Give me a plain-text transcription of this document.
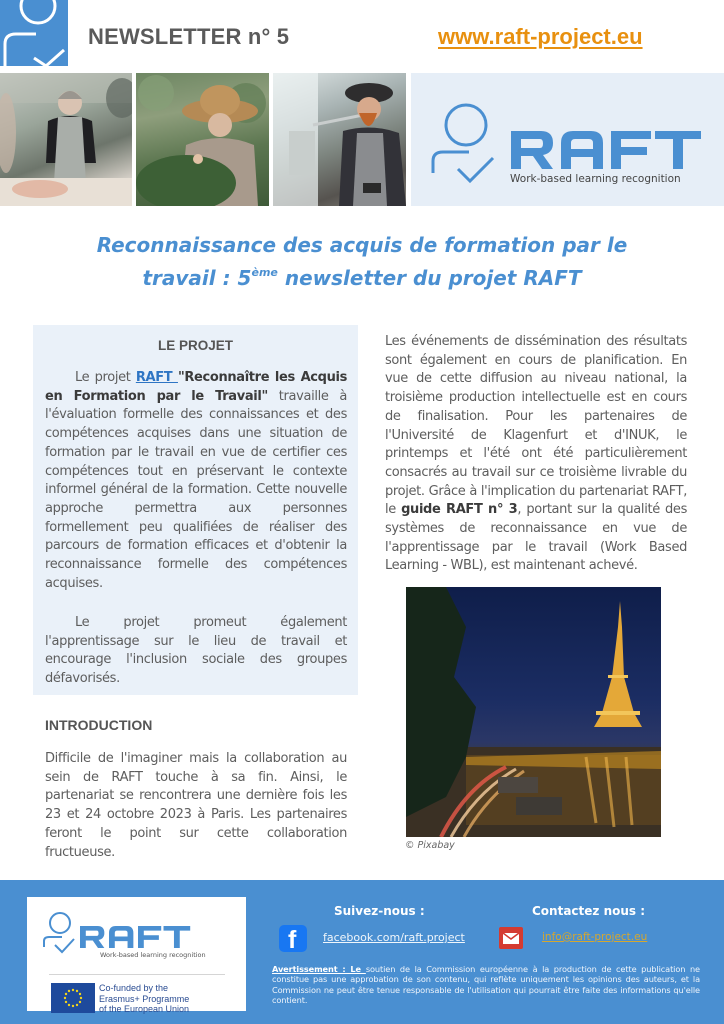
NEWSLETTER n° 5	www.raft-project.eu
Work-based learning recognition
Reconnaissance des acquis de formation par le
travail : 5ème newsletter du projet RAFT
LE PROJET
Le projet RAFT "Reconnaître les Acquis en Formation par le Travail" travaille à l'évaluation formelle des connaissances et des compétences acquises dans une situation de formation par le travail en vue de certifier ces compétences tout en préservant le contexte informel général de la formation. Cette nouvelle approche permettra aux personnes formellement peu qualifiées de réaliser des parcours de formation efficaces et d'obtenir la reconnaissance formelle des compétences acquises.
Le projet promeut également l'apprentissage sur le lieu de travail et encourage l'inclusion sociale des groupes défavorisés.
INTRODUCTION
Difficile de l'imaginer mais la collaboration au sein de RAFT touche à sa fin. Ainsi, le partenariat se rencontrera une dernière fois les 23 et 24 octobre 2023 à Paris. Les partenaires feront le point sur cette collaboration fructueuse.
Les événements de dissémination des résultats sont également en cours de planification. En vue de cette diffusion au niveau national, la troisième production intellectuelle est en cours de finalisation. Pour les partenaires de l'Université de Klagenfurt et d'INUK, le printemps et l'été ont été particulièrement consacrés au travail sur ce troisième livrable du projet. Grâce à l'implication du partenariat RAFT, le guide RAFT n° 3, portant sur la qualité des systèmes de reconnaissance en vue de l'apprentissage par le travail (Work Based Learning - WBL), est maintenant achevé.
© Pixabay
Work-based learning recognition
Co-funded by the
Erasmus+ Programme
of the European Union
Suivez-nous :	Contactez nous :
f facebook.com/raft.project	info@raft-project.eu
Avertissement : Le soutien de la Commission européenne à la production de cette publication ne constitue pas une approbation de son contenu, qui reflète uniquement les opinions des auteurs, et la Commission ne peut être tenue responsable de l'utilisation qui pourrait être faite des informations qu'elle contient.
